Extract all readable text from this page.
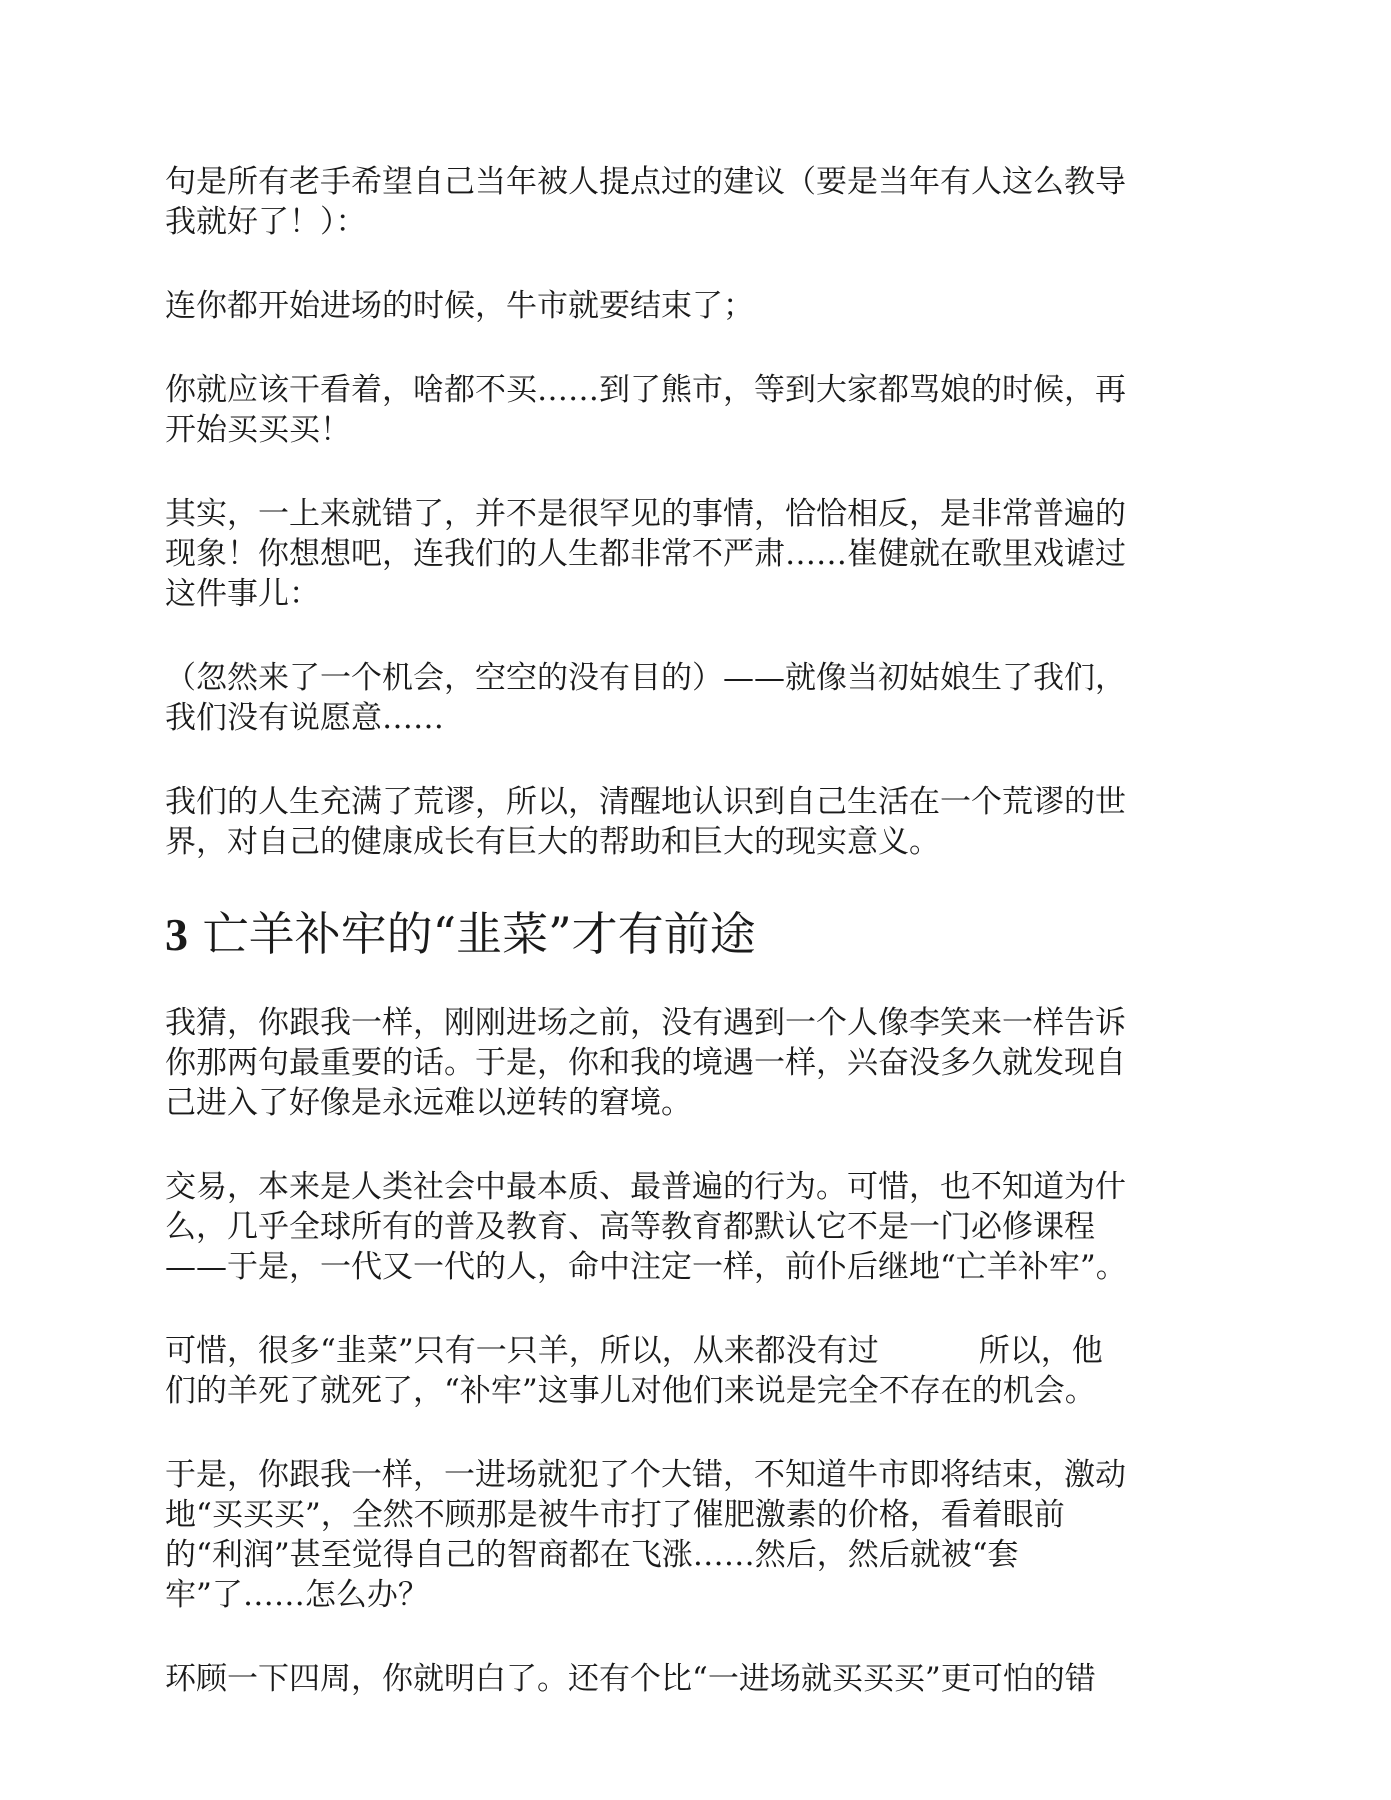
句是所有老手希望自己当年被人提点过的建议（要是当年有人这么教导
我就好了！）：

连你都开始进场的时候，牛市就要结束了；

你就应该干看着，啥都不买……到了熊市，等到大家都骂娘的时候，再
开始买买买！

其实，一上来就错了，并不是很罕见的事情，恰恰相反，是非常普遍的
现象！你想想吧，连我们的人生都非常不严肃……崔健就在歌里戏谑过
这件事儿：

（忽然来了一个机会，空空的没有目的）——就像当初姑娘生了我们，
我们没有说愿意……

我们的人生充满了荒谬，所以，清醒地认识到自己生活在一个荒谬的世
界，对自己的健康成长有巨大的帮助和巨大的现实意义。

3 亡羊补牢的“韭菜”才有前途

我猜，你跟我一样，刚刚进场之前，没有遇到一个人像李笑来一样告诉
你那两句最重要的话。于是，你和我的境遇一样，兴奋没多久就发现自
己进入了好像是永远难以逆转的窘境。

交易，本来是人类社会中最本质、最普遍的行为。可惜，也不知道为什
么，几乎全球所有的普及教育、高等教育都默认它不是一门必修课程
——于是，一代又一代的人，命中注定一样，前仆后继地“亡羊补牢”。

可惜，很多“韭菜”只有一只羊，所以，从来都没有过	所以，他
们的羊死了就死了，“补牢”这事儿对他们来说是完全不存在的机会。

于是，你跟我一样，一进场就犯了个大错，不知道牛市即将结束，激动
地“买买买”，全然不顾那是被牛市打了催肥激素的价格，看着眼前
的“利润”甚至觉得自己的智商都在飞涨……然后，然后就被“套
牢”了……怎么办？

环顾一下四周，你就明白了。还有个比“一进场就买买买”更可怕的错
